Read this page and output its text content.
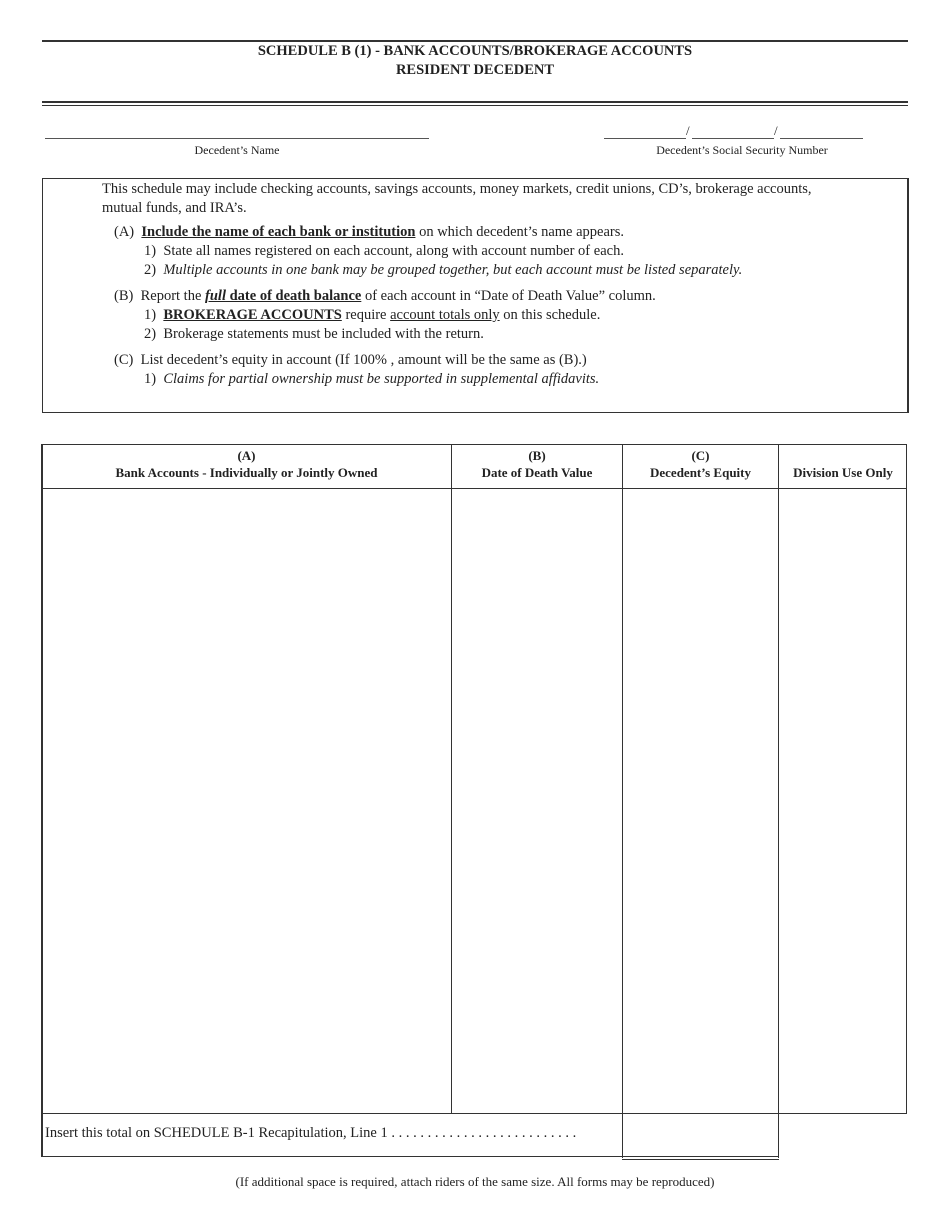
SCHEDULE B (1) - BANK ACCOUNTS/BROKERAGE ACCOUNTS
RESIDENT DECEDENT
Decedent’s Name
/	/
Decedent’s Social Security Number
This schedule may include checking accounts, savings accounts, money markets, credit unions, CD’s, brokerage accounts,
mutual funds, and IRA’s.
(A) Include the name of each bank or institution on which decedent’s name appears.
1) State all names registered on each account, along with account number of each.
2) Multiple accounts in one bank may be grouped together, but each account must be listed separately.
(B) Report the full date of death balance of each account in “Date of Death Value” column.
1) BROKERAGE ACCOUNTS require account totals only on this schedule.
2) Brokerage statements must be included with the return.
(C) List decedent’s equity in account (If 100% , amount will be the same as (B).)
1) Claims for partial ownership must be supported in supplemental affidavits.
(A)
Bank Accounts - Individually or Jointly Owned
(B)
Date of Death Value
(C)
Decedent’s Equity	Division Use Only
Insert this total on SCHEDULE B-1 Recapitulation, Line 1 . . . . . . . . . . . . . . . . . . . . . . . . . .
(If additional space is required, attach riders of the same size. All forms may be reproduced)
